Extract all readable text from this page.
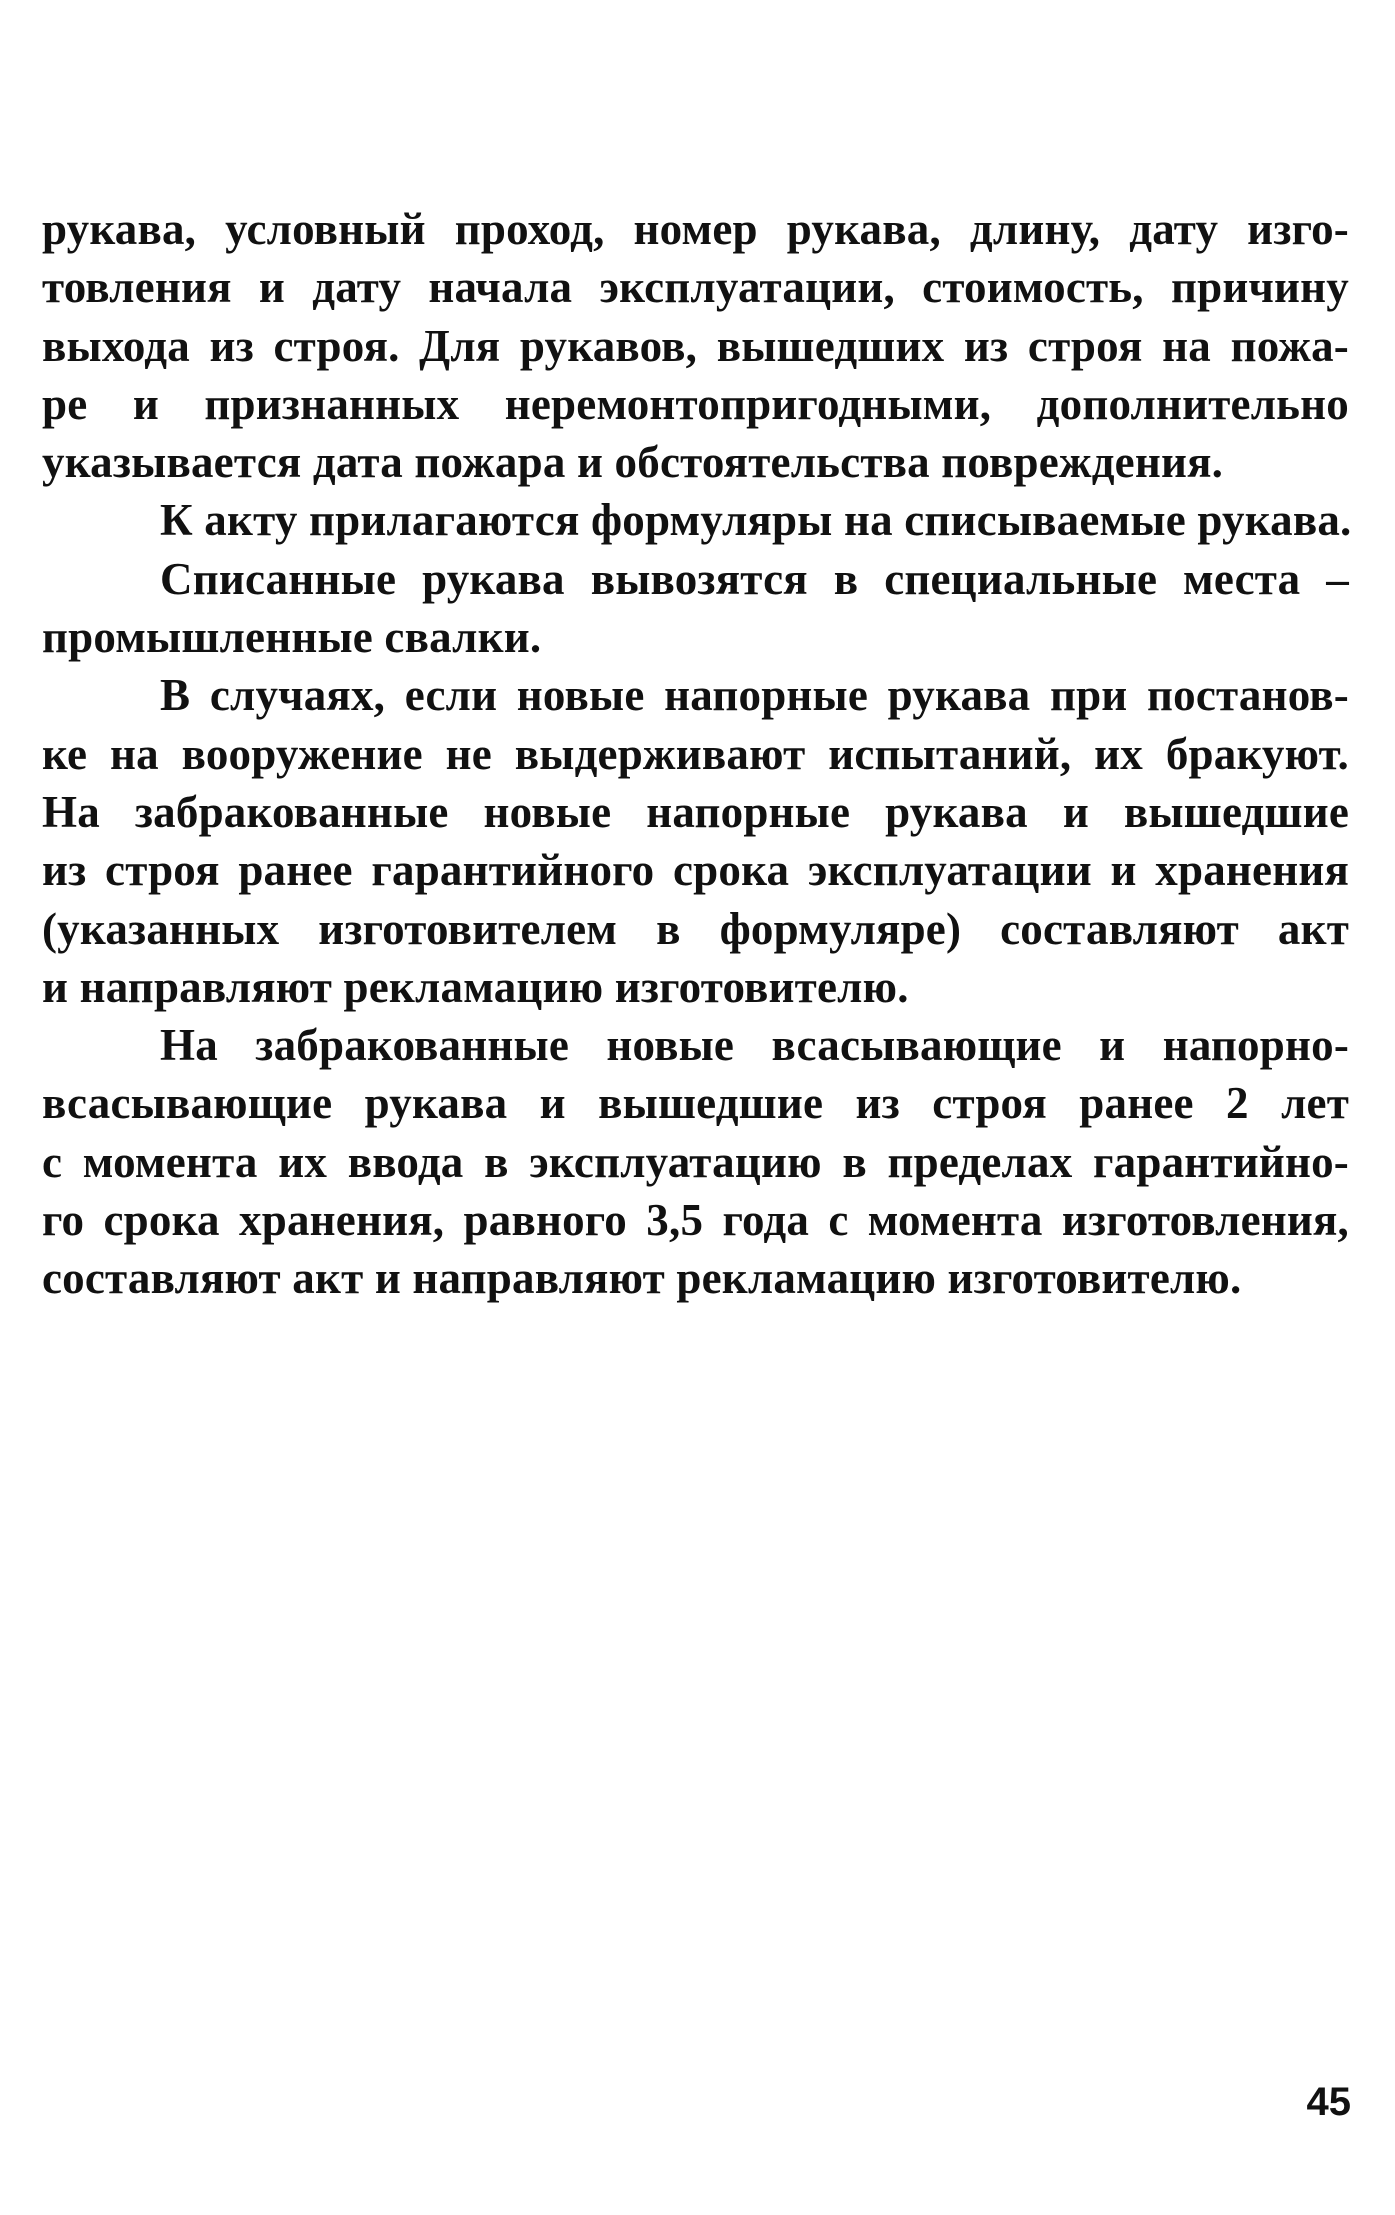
рукава, условный проход, номер рукава, длину, дату изго-
товления и дату начала эксплуатации, стоимость, причину
выхода из строя. Для рукавов, вышедших из строя на пожа-
ре и признанных неремонтопригодными, дополнительно
указывается дата пожара и обстоятельства повреждения.

К акту прилагаются формуляры на списываемые рукава.

Списанные рукава вывозятся в специальные места –
промышленные свалки.

В случаях, если новые напорные рукава при постанов-
ке на вооружение не выдерживают испытаний, их бракуют.
На забракованные новые напорные рукава и вышедшие
из строя ранее гарантийного срока эксплуатации и хранения
(указанных изготовителем в формуляре) составляют акт
и направляют рекламацию изготовителю.

На забракованные новые всасывающие и напорно-
всасывающие рукава и вышедшие из строя ранее 2 лет
с момента их ввода в эксплуатацию в пределах гарантийно-
го срока хранения, равного 3,5 года с момента изготовления,
составляют акт и направляют рекламацию изготовителю.

45
